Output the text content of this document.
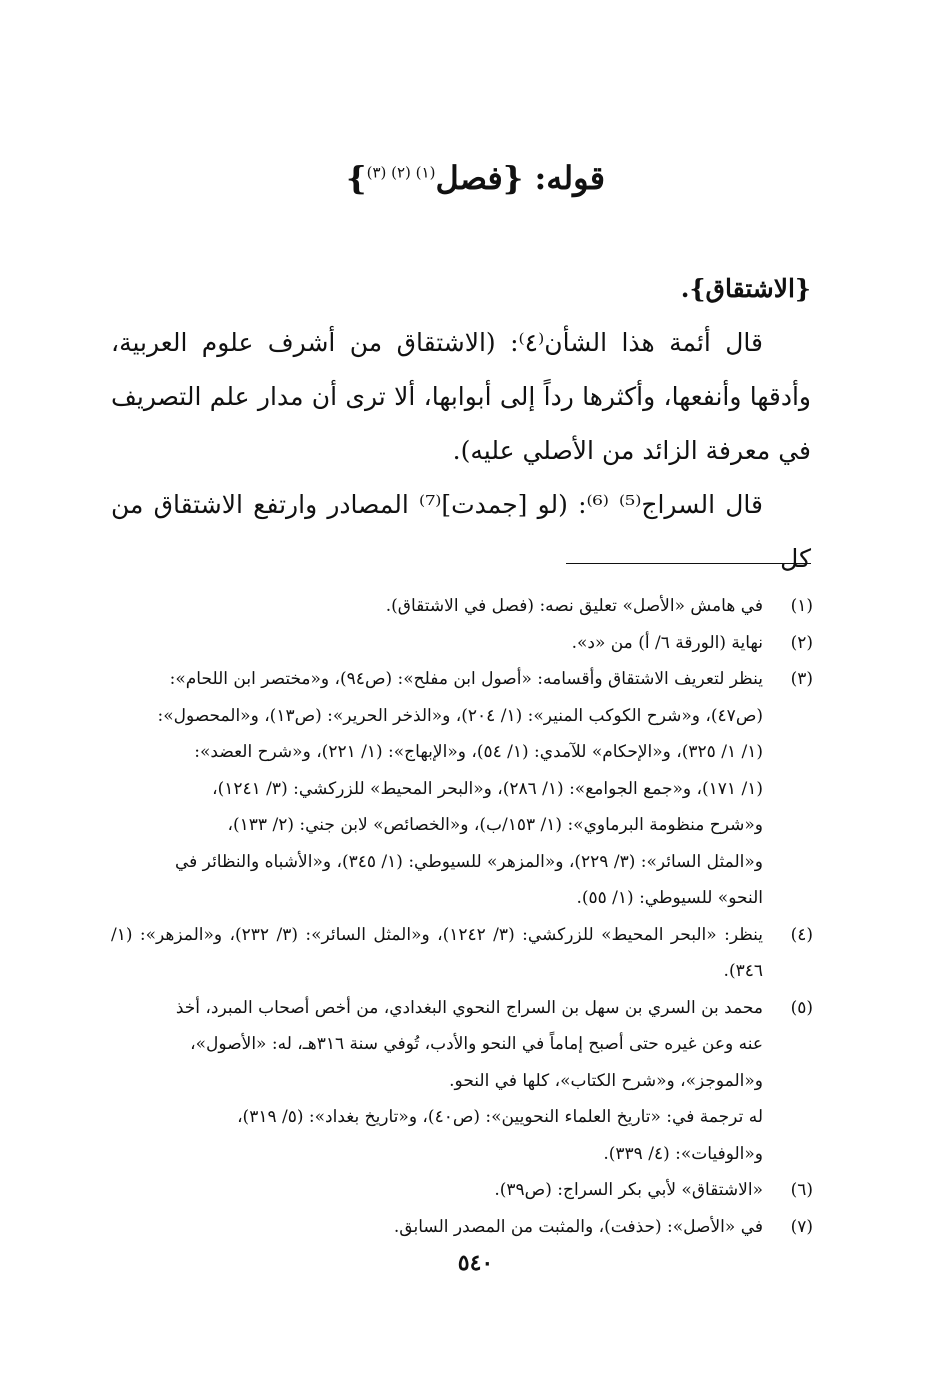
قوله: {فصل$^{(١) (٢) (٣)}$}

{الاشتقاق}.

قال أئمة هذا الشأن⁽٤⁾: (الاشتقاق من أشرف علوم العربية، وأدقها وأنفعها، وأكثرها رداً إلى أبوابها، ألا ترى أن مدار علم التصريف في معرفة الزائد من الأصلي عليه).

قال السراج⁽⁵⁾ ⁽⁶⁾: (لو [جمدت]⁽⁷⁾ المصادر وارتفع الاشتقاق من كل

(١)
في هامش «الأصل» تعليق نصه: (فصل في الاشتقاق).
(٢)
نهاية (الورقة ٦/ أ) من «د».
(٣)
ينظر لتعريف الاشتقاق وأقسامه: «أصول ابن مفلح»: (ص٩٤)، و«مختصر ابن اللحام»:
(ص٤٧)، و«شرح الكوكب المنير»: (١/ ٢٠٤)، و«الذخر الحرير»: (ص١٣)، و«المحصول»:
(١/ ١/ ٣٢٥)، و«الإحكام» للآمدي: (١/ ٥٤)، و«الإبهاج»: (١/ ٢٢١)، و«شرح العضد»:
(١/ ١٧١)، و«جمع الجوامع»: (١/ ٢٨٦)، و«البحر المحيط» للزركشي: (٣/ ١٢٤١)،
و«شرح منظومة البرماوي»: (١/ ١٥٣/ب)، و«الخصائص» لابن جني: (٢/ ١٣٣)،
و«المثل السائر»: (٣/ ٢٢٩)، و«المزهر» للسيوطي: (١/ ٣٤٥)، و«الأشباه والنظائر في
النحو» للسيوطي: (١/ ٥٥).
(٤)
ينظر: «البحر المحيط» للزركشي: (٣/ ١٢٤٢)، و«المثل السائر»: (٣/ ٢٣٢)، و«المزهر»: (١/ ٣٤٦).
(٥)
محمد بن السري بن سهل بن السراج النحوي البغدادي، من أخص أصحاب المبرد، أخذ
عنه وعن غيره حتى أصبح إماماً في النحو والأدب، تُوفي سنة ٣١٦هـ، له: «الأصول»،
و«الموجز»، و«شرح الكتاب»، كلها في النحو.
له ترجمة في: «تاريخ العلماء النحويين»: (ص٤٠)، و«تاريخ بغداد»: (٥/ ٣١٩)،
و«الوفيات»: (٤/ ٣٣٩).
(٦)
«الاشتقاق» لأبي بكر السراج: (ص٣٩).
(٧)
في «الأصل»: (حذفت)، والمثبت من المصدر السابق.
٥٤٠
